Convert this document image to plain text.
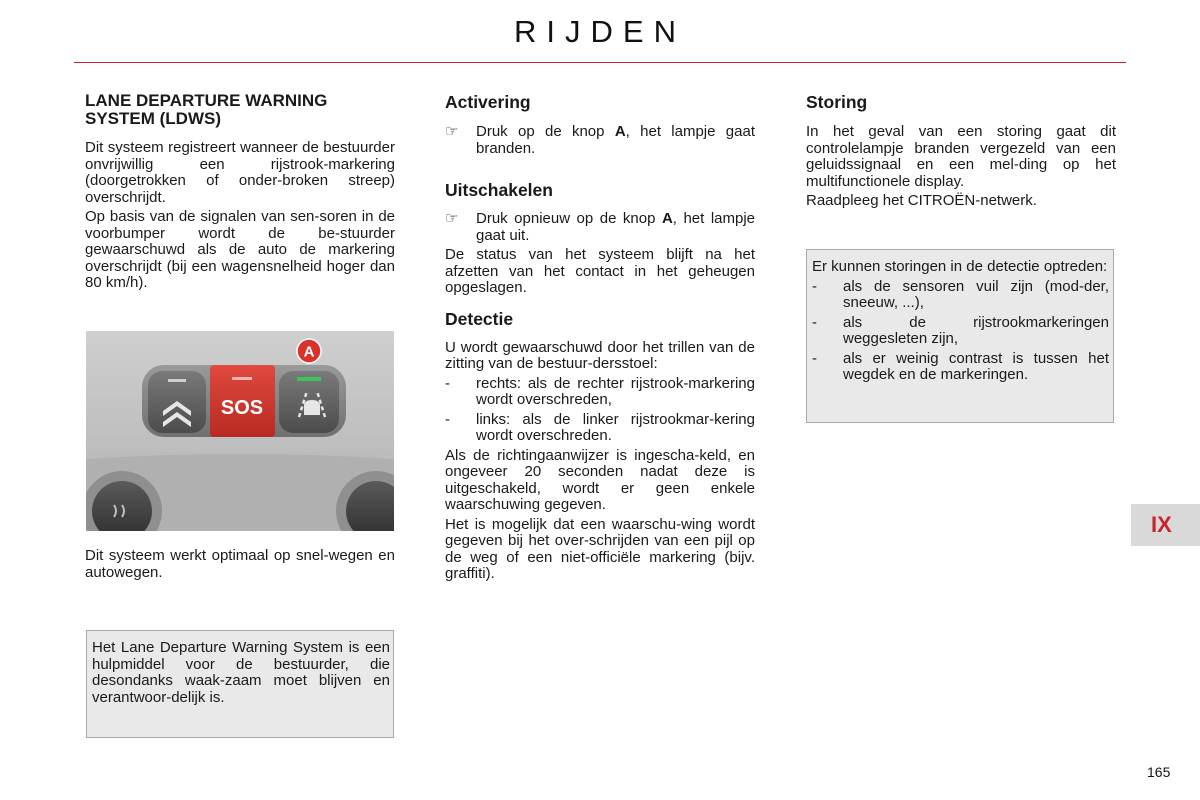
RIJDEN
LANE DEPARTURE WARNING SYSTEM (LDWS)

Dit systeem registreert wanneer de bestuurder onvrijwillig een rijstrook-markering (doorgetrokken of onder-broken streep) overschrijdt.

Op basis van de signalen van sen-soren in de voorbumper wordt de be-stuurder gewaarschuwd als de auto de markering overschrijdt (bij een wagensnelheid hoger dan 80 km/h).

SOS
A

Dit systeem werkt optimaal op snel-wegen en autowegen.

Het Lane Departure Warning System is een hulpmiddel voor de bestuurder, die desondanks waak-zaam moet blijven en verantwoor-delijk is.

Activering
☞	Druk op de knop A, het lampje gaat branden.
Uitschakelen
☞	Druk opnieuw op de knop A, het lampje gaat uit.

De status van het systeem blijft na het afzetten van het contact in het geheugen opgeslagen.

Detectie

U wordt gewaarschuwd door het trillen van de zitting van de bestuur-dersstoel:

-	rechts: als de rechter rijstrook-markering wordt overschreden,
-	links: als de linker rijstrookmar-kering wordt overschreden.

Als de richtingaanwijzer is ingescha-keld, en ongeveer 20 seconden nadat deze is uitgeschakeld, wordt er geen enkele waarschuwing gegeven.

Het is mogelijk dat een waarschu-wing wordt gegeven bij het over-schrijden van een pijl op de weg of een niet-officiële markering (bijv. graffiti).

Storing

In het geval van een storing gaat dit controlelampje branden vergezeld van een geluidssignaal en een mel-ding op het multifunctionele display.

Raadpleeg het CITROËN-netwerk.

Er kunnen storingen in de detectie optreden:

-	als de sensoren vuil zijn (mod-der, sneeuw, ...),
-	als de rijstrookmarkeringen weggesleten zijn,
-	als er weinig contrast is tussen het wegdek en de markeringen.
IX
165
